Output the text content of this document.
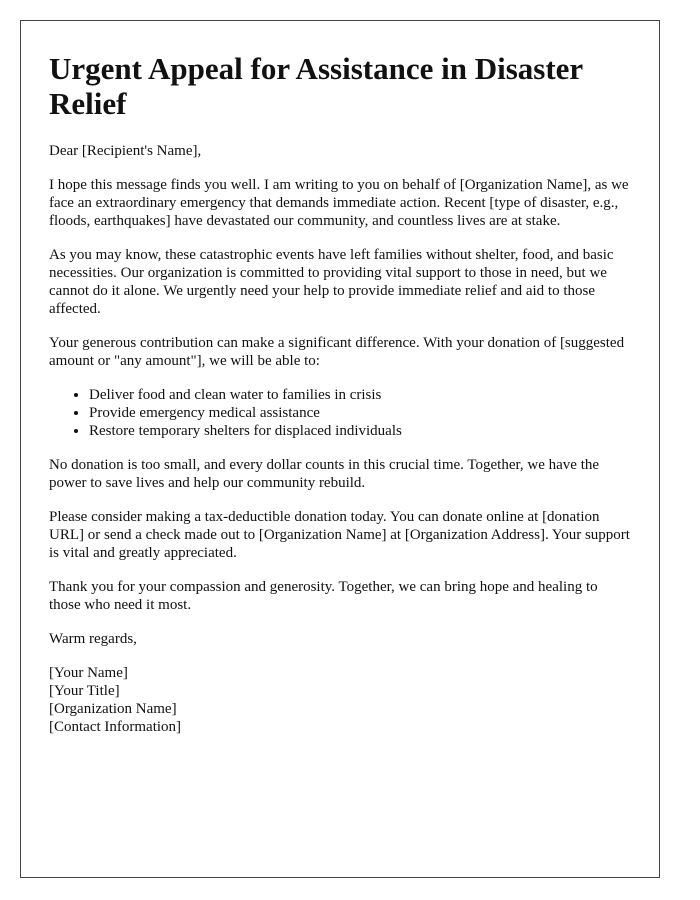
Urgent Appeal for Assistance in Disaster Relief

Dear [Recipient's Name],

I hope this message finds you well. I am writing to you on behalf of [Organization Name], as we face an extraordinary emergency that demands immediate action. Recent [type of disaster, e.g., floods, earthquakes] have devastated our community, and countless lives are at stake.

As you may know, these catastrophic events have left families without shelter, food, and basic necessities. Our organization is committed to providing vital support to those in need, but we cannot do it alone. We urgently need your help to provide immediate relief and aid to those affected.

Your generous contribution can make a significant difference. With your donation of [suggested amount or "any amount"], we will be able to:

• Deliver food and clean water to families in crisis
• Provide emergency medical assistance
• Restore temporary shelters for displaced individuals

No donation is too small, and every dollar counts in this crucial time. Together, we have the power to save lives and help our community rebuild.

Please consider making a tax-deductible donation today. You can donate online at [donation URL] or send a check made out to [Organization Name] at [Organization Address]. Your support is vital and greatly appreciated.

Thank you for your compassion and generosity. Together, we can bring hope and healing to those who need it most.

Warm regards,

[Your Name]

[Your Title]

[Organization Name]

[Contact Information]
